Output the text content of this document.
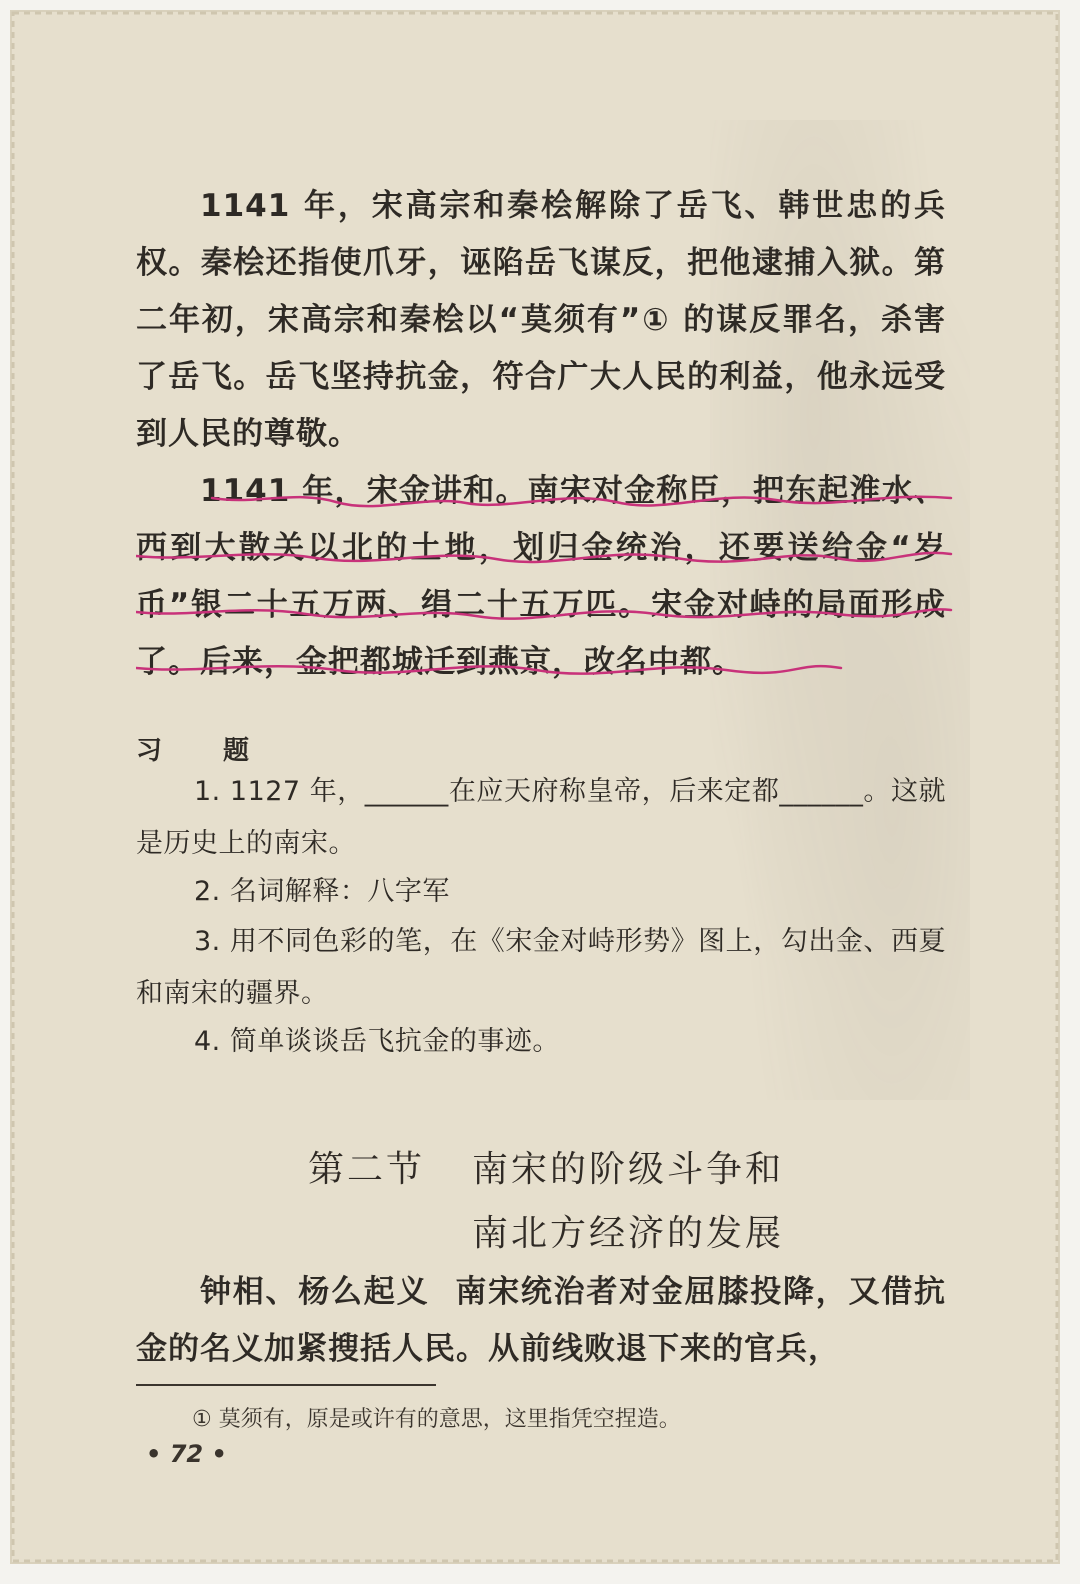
1141 年，宋高宗和秦桧解除了岳飞、韩世忠的兵权。秦桧还指使爪牙，诬陷岳飞谋反，把他逮捕入狱。第二年初，宋高宗和秦桧以“莫须有”① 的谋反罪名，杀害了岳飞。岳飞坚持抗金，符合广大人民的利益，他永远受到人民的尊敬。
1141 年，宋金讲和。南宋对金称臣，把东起淮水、西到大散关以北的土地，划归金统治，还要送给金“岁币”银二十五万两、绢二十五万匹。宋金对峙的局面形成了。后来，金把都城迁到燕京，改名中都。
习 题
1. 1127 年，______在应天府称皇帝，后来定都______。这就是历史上的南宋。
2. 名词解释：八字军
3. 用不同色彩的笔，在《宋金对峙形势》图上，勾出金、西夏和南宋的疆界。
4. 简单谈谈岳飞抗金的事迹。
第二节 南宋的阶级斗争和
南北方经济的发展
钟相、杨么起义 南宋统治者对金屈膝投降，又借抗金的名义加紧搜括人民。从前线败退下来的官兵，
① 莫须有，原是或许有的意思，这里指凭空捏造。
• 72 •
